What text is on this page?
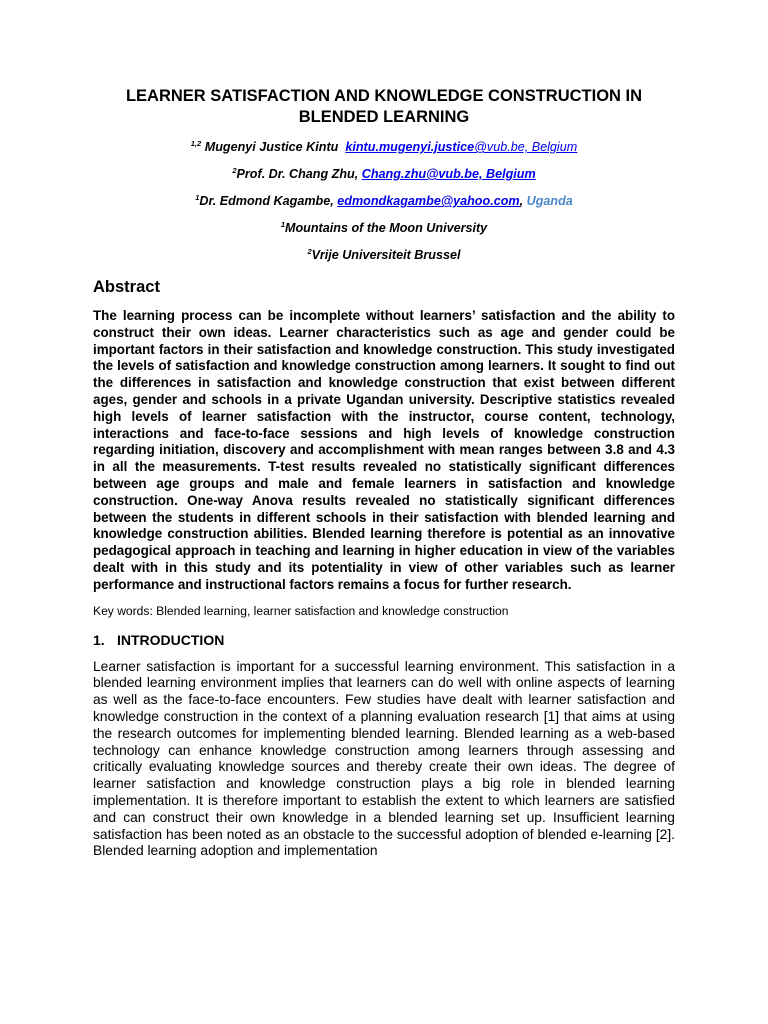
LEARNER SATISFACTION AND KNOWLEDGE CONSTRUCTION IN
BLENDED LEARNING
$^{1,2}$ Mugenyi Justice Kintu kintu.mugenyi.justice@vub.be, Belgium
$^2$Prof. Dr. Chang Zhu, Chang.zhu@vub.be, Belgium
$^1$Dr. Edmond Kagambe, edmondkagambe@yahoo.com, Uganda
$^1$Mountains of the Moon University
$^2$Vrije Universiteit Brussel
Abstract

The learning process can be incomplete without learners’ satisfaction and the ability to construct their own ideas. Learner characteristics such as age and gender could be important factors in their satisfaction and knowledge construction. This study investigated the levels of satisfaction and knowledge construction among learners. It sought to find out the differences in satisfaction and knowledge construction that exist between different ages, gender and schools in a private Ugandan university. Descriptive statistics revealed high levels of learner satisfaction with the instructor, course content, technology, interactions and face-to-face sessions and high levels of knowledge construction regarding initiation, discovery and accomplishment with mean ranges between 3.8 and 4.3 in all the measurements. T-test results revealed no statistically significant differences between age groups and male and female learners in satisfaction and knowledge construction. One-way Anova results revealed no statistically significant differences between the students in different schools in their satisfaction with blended learning and knowledge construction abilities. Blended learning therefore is potential as an innovative pedagogical approach in teaching and learning in higher education in view of the variables dealt with in this study and its potentiality in view of other variables such as learner performance and instructional factors remains a focus for further research.

Key words: Blended learning, learner satisfaction and knowledge construction

1. INTRODUCTION

Learner satisfaction is important for a successful learning environment. This satisfaction in a blended learning environment implies that learners can do well with online aspects of learning as well as the face-to-face encounters. Few studies have dealt with learner satisfaction and knowledge construction in the context of a planning evaluation research [1] that aims at using the research outcomes for implementing blended learning. Blended learning as a web-based technology can enhance knowledge construction among learners through assessing and critically evaluating knowledge sources and thereby create their own ideas. The degree of learner satisfaction and knowledge construction plays a big role in blended learning implementation. It is therefore important to establish the extent to which learners are satisfied and can construct their own knowledge in a blended learning set up. Insufficient learning satisfaction has been noted as an obstacle to the successful adoption of blended e-learning [2]. Blended learning adoption and implementation
